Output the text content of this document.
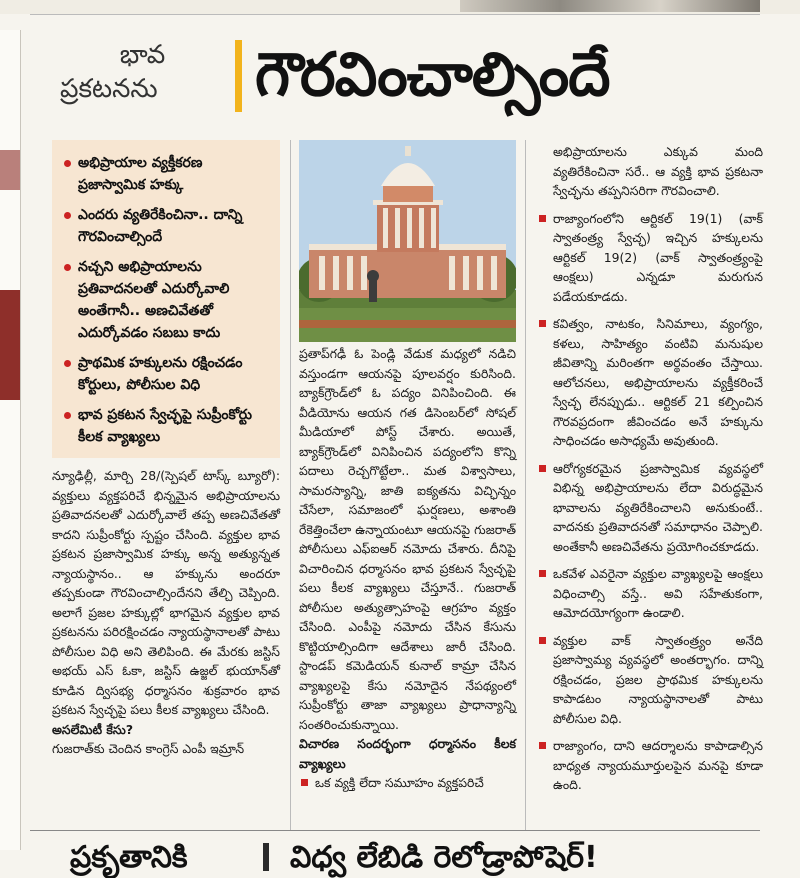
భావ
ప్రకటనను	గౌరవించాల్సిందే
అభిప్రాయాల వ్యక్తీకరణ ప్రజాస్వామిక హక్కు
ఎందరు వ్యతిరేకించినా.. దాన్ని గౌరవించాల్సిందే
నచ్చని అభిప్రాయాలను ప్రతివాదనలతో ఎదుర్కోవాలి అంతేగానీ.. అణచివేతతో ఎదుర్కోవడం సబబు కాదు
ప్రాథమిక హక్కులను రక్షించడం కోర్టులు, పోలీసుల విధి
భావ ప్రకటన స్వేచ్ఛపై సుప్రీంకోర్టు కీలక వ్యాఖ్యలు

న్యూఢిల్లీ, మార్చి 28/(స్పెషల్ టాస్క్ బ్యూరో): వ్యక్తులు వ్యక్తపరిచే భిన్నమైన అభిప్రాయాలను ప్రతివాదనలతో ఎదుర్కోవాలే తప్ప అణచివేతతో కాదని సుప్రీంకోర్టు స్పష్టం చేసింది. వ్యక్తుల భావ ప్రకటన ప్రజాస్వామిక హక్కు అన్న అత్యున్నత న్యాయస్థానం.. ఆ హక్కును అందరూ తప్పకుండా గౌరవించాల్సిందేనని తేల్చి చెప్పింది. అలాగే ప్రజల హక్కుల్లో భాగమైన వ్యక్తుల భావ ప్రకటనను పరిరక్షించడం న్యాయస్థానాలతో పాటు పోలీసుల విధి అని తెలిపింది. ఈ మేరకు జస్టిస్ అభయ్ ఎస్ ఓకా, జస్టిస్ ఉజ్జల్ భుయాన్‌తో కూడిన ద్విసభ్య ధర్మాసనం శుక్రవారం భావ ప్రకటన స్వేచ్ఛపై పలు కీలక వ్యాఖ్యలు చేసింది.

అసలేమిటీ కేసు?

గుజరాత్‌కు చెందిన కాంగ్రెస్ ఎంపీ ఇమ్రాన్

ప్రతాప్‌గఢీ ఓ పెండ్లి వేడుక మధ్యలో నడిచి వస్తుండగా ఆయనపై పూలవర్షం కురిసింది. బ్యాక్‌గ్రౌండ్‌లో ఓ పద్యం వినిపించింది. ఈ వీడియోను ఆయన గత డిసెంబర్‌లో సోషల్ మీడియాలో పోస్ట్ చేశారు. అయితే, బ్యాక్‌గ్రౌండ్‌లో వినిపించిన పద్యంలోని కొన్ని పదాలు రెచ్చగొట్టేలా.. మత విశ్వాసాలు, సామరస్యాన్ని, జాతి ఐక్యతను విచ్ఛిన్నం చేసేలా, సమాజంలో ఘర్షణలు, అశాంతి రేకెత్తించేలా ఉన్నాయంటూ ఆయనపై గుజరాత్ పోలీసులు ఎఫ్ఐఆర్ నమోదు చేశారు. దీనిపై విచారించిన ధర్మాసనం భావ ప్రకటన స్వేచ్ఛపై పలు కీలక వ్యాఖ్యలు చేస్తూనే.. గుజరాత్ పోలీసుల అత్యుత్సాహంపై ఆగ్రహం వ్యక్తం చేసింది. ఎంపీపై నమోదు చేసిన కేసును కొట్టియాల్సిందిగా ఆదేశాలు జారీ చేసింది. స్టాండప్ కమెడియన్ కునాల్ కామ్రా చేసిన వ్యాఖ్యలపై కేసు నమోదైన నేపథ్యంలో సుప్రీంకోర్టు తాజా వ్యాఖ్యలు ప్రాధాన్యాన్ని సంతరించుకున్నాయి.

విచారణ సందర్భంగా ధర్మాసనం కీలక వ్యాఖ్యలు

ఒక వ్యక్తి లేదా సమూహం వ్యక్తపరిచే

అభిప్రాయాలను ఎక్కువ మంది వ్యతిరేకించినా సరే.. ఆ వ్యక్తి భావ ప్రకటనా స్వేచ్ఛను తప్పనిసరిగా గౌరవించాలి.

రాజ్యాంగంలోని ఆర్టికల్ 19(1) (వాక్ స్వాతంత్ర్య స్వేచ్ఛ) ఇచ్చిన హక్కులను ఆర్టికల్ 19(2) (వాక్ స్వాతంత్ర్యంపై ఆంక్షలు) ఎన్నడూ మరుగున పడేయకూడదు.
కవిత్వం, నాటకం, సినిమాలు, వ్యంగ్యం, కళలు, సాహిత్యం వంటివి మనుషుల జీవితాన్ని మరింతగా అర్థవంతం చేస్తాయి. ఆలోచనలు, అభిప్రాయాలను వ్యక్తీకరించే స్వేచ్ఛ లేనప్పుడు.. ఆర్టికల్ 21 కల్పించిన గౌరవప్రదంగా జీవించడం అనే హక్కును సాధించడం అసాధ్యమే అవుతుంది.
ఆరోగ్యకరమైన ప్రజాస్వామిక వ్యవస్థలో విభిన్న అభిప్రాయాలను లేదా విరుద్ధమైన భావాలను వ్యతిరేకించాలని అనుకుంటే.. వాదనకు ప్రతివాదనతో సమాధానం చెప్పాలి. అంతేకానీ అణచివేతను ప్రయోగించకూడదు.
ఒకవేళ ఎవరైనా వ్యక్తుల వ్యాఖ్యలపై ఆంక్షలు విధించాల్సి వస్తే.. అవి సహేతుకంగా, ఆమోదయోగ్యంగా ఉండాలి.
వ్యక్తుల వాక్ స్వాతంత్ర్యం అనేది ప్రజాస్వామ్య వ్యవస్థలో అంతర్భాగం. దాన్ని రక్షించడం, ప్రజల ప్రాథమిక హక్కులను కాపాడటం న్యాయస్థానాలతో పాటు పోలీసుల విధి.
రాజ్యాంగం, దాని ఆదర్శాలను కాపాడాల్సిన బాధ్యత న్యాయమూర్తులపైన మనపై కూడా ఉంది.
ప్రకృతానికి	విధ్వ లేబిడి రెలోడ్రాపోషెర్!
